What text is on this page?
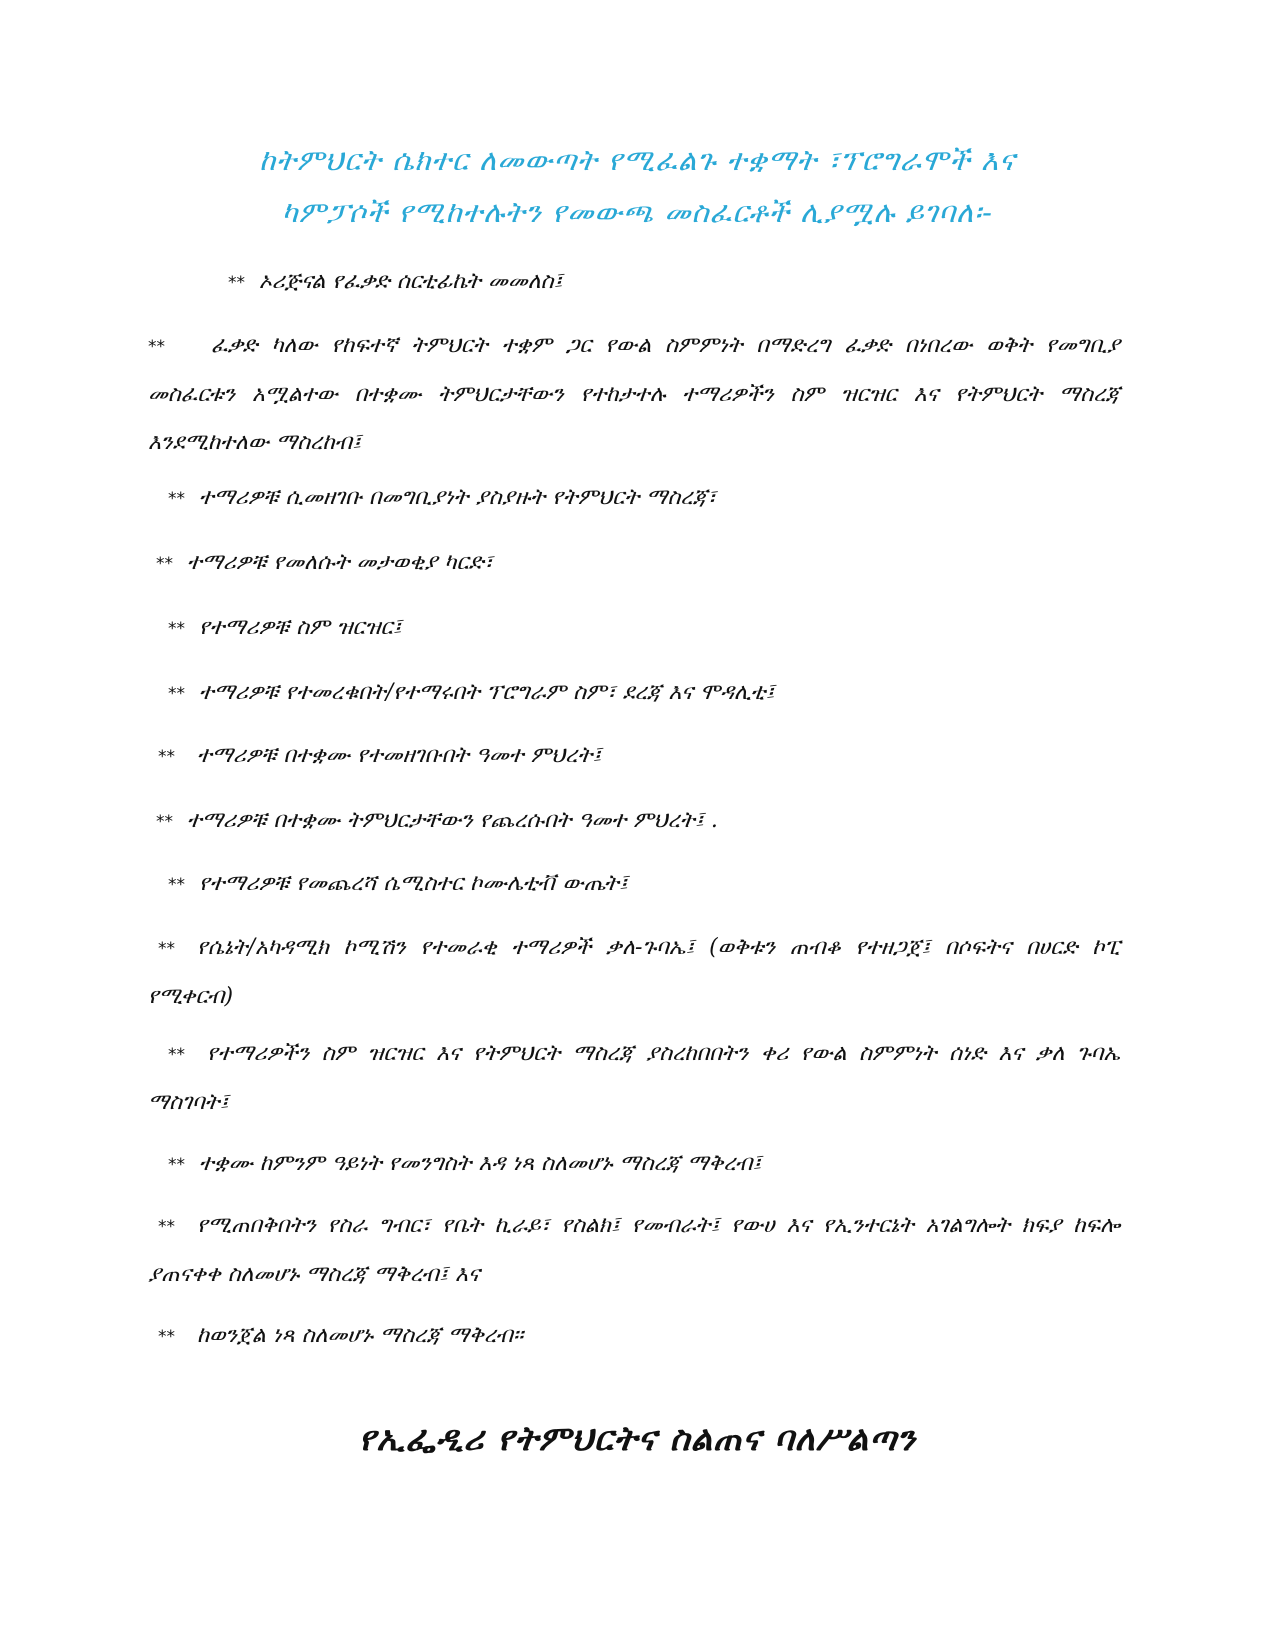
ከትምህርት ሴክተር ለመውጣት የሚፈልጉ ተቋማት ፣ፕሮግራሞች እና
ካምፓሶች የሚከተሉትን የመውጫ መስፈርቶች ሊያሟሉ ይገባለ፡-
** ኦሪጅናል የፈቃድ ሰርቲፊኬት መመለስ፤
** ፈቃድ ካለው የከፍተኛ ትምህርት ተቋም ጋር የውል ስምምነት በማድረግ ፈቃድ በነበረው ወቅት የመግቢያ መስፈርቱን አሟልተው በተቋሙ ትምህርታቸውን የተከታተሉ ተማሪዎችን ስም ዝርዝር እና የትምህርት ማስረጃ እንደሚከተለው ማስረከብ፤
** ተማሪዎቹ ሲመዘገቡ በመግቢያነት ያስያዙት የትምህርት ማስረጃ፣
** ተማሪዎቹ የመለሱት መታወቂያ ካርድ፣
** የተማሪዎቹ ስም ዝርዝር፤
** ተማሪዎቹ የተመረቁበት/የተማሩበት ፕሮግራም ስም፣ ደረጃ እና ሞዳሊቲ፤
** ተማሪዎቹ በተቋሙ የተመዘገቡበት ዓመተ ምህረት፤
** ተማሪዎቹ በተቋሙ ትምህርታቸውን የጨረሱበት ዓመተ ምህረት፤ .
** የተማሪዎቹ የመጨረሻ ሴሚስተር ኮሙሌቲቭ ውጤት፤
** የሴኔት/አካዳሚክ ኮሚሽን የተመራቂ ተማሪዎች ቃለ-ጉባኤ፤ (ወቅቱን ጠብቆ የተዘጋጀ፤ በሶፍትና በሀርድ ኮፒ የሚቀርብ)
** የተማሪዎችን ስም ዝርዝር እና የትምህርት ማስረጃ ያስረከበበትን ቀሪ የውል ስምምነት ሰነድ እና ቃለ ጉባኤ ማስገባት፤
** ተቋሙ ከምንም ዓይነት የመንግስት እዳ ነጻ ስለመሆኑ ማስረጃ ማቅረብ፤
** የሚጠበቅበትን የስራ ግብር፣ የቤት ኪራይ፣ የስልክ፤ የመብራት፤ የውሀ እና የኢንተርኔት አገልግሎት ክፍያ ከፍሎ ያጠናቀቀ ስለመሆኑ ማስረጃ ማቅረብ፤ እና
** ከወንጀል ነጻ ስለመሆኑ ማስረጃ ማቅረብ፡፡
የኢፌዲሪ የትምህርትና ስልጠና ባለሥልጣን
